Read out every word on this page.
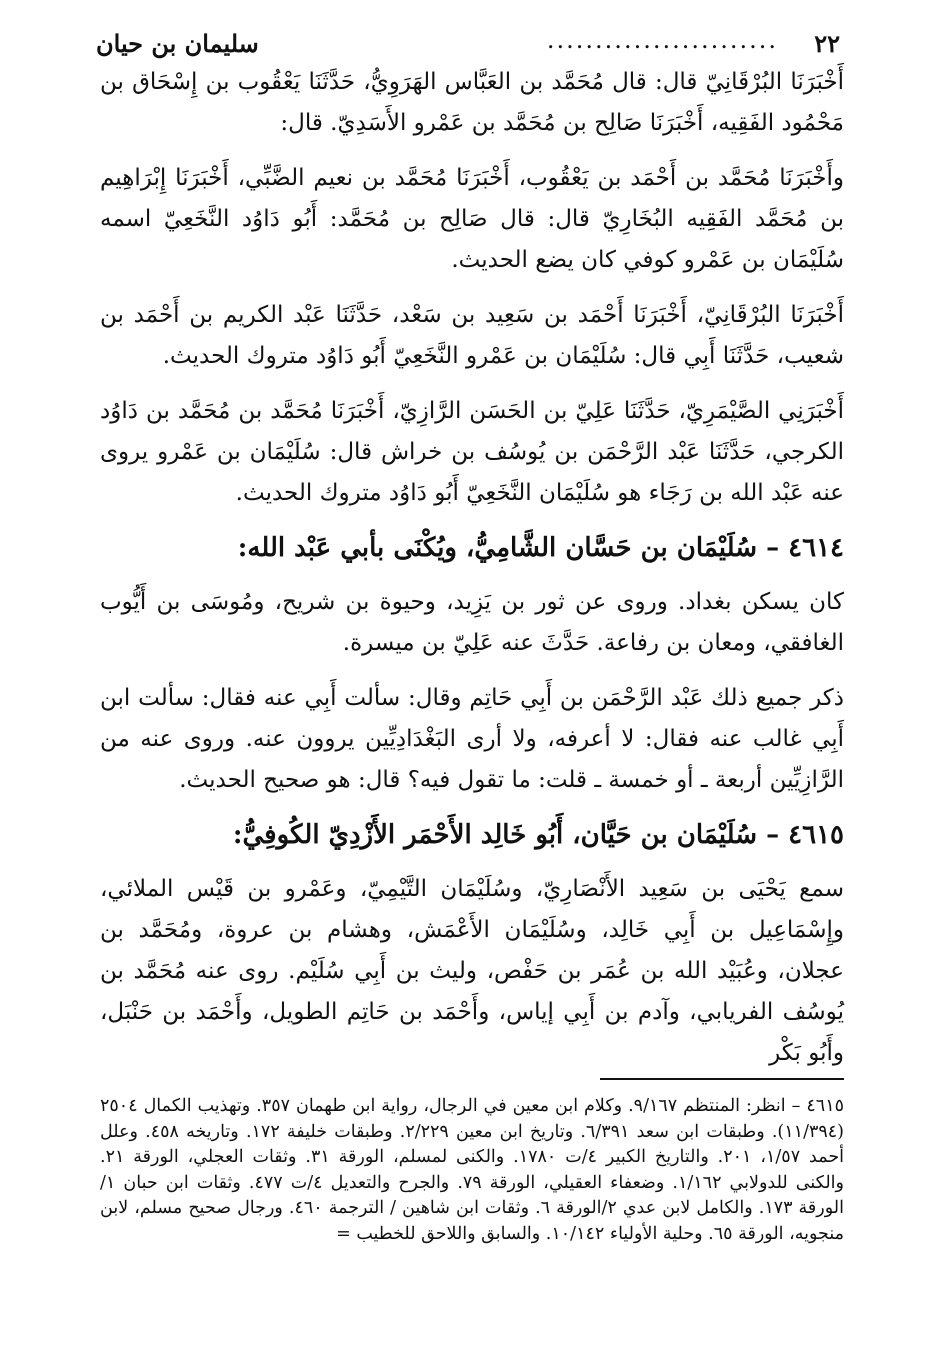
٢٢
........................
سليمان بن حيان

أَخْبَرَنَا البُرْقَانِيّ قال: قال مُحَمَّد بن العَبَّاس الهَرَوِيُّ، حَدَّثَنَا يَعْقُوب بن إِسْحَاق بن مَحْمُود الفَقِيه، أَخْبَرَنَا صَالِح بن مُحَمَّد بن عَمْرو الأَسَدِيّ. قال:

وأَخْبَرَنَا مُحَمَّد بن أَحْمَد بن يَعْقُوب، أَخْبَرَنَا مُحَمَّد بن نعيم الضَّبِّي، أَخْبَرَنَا إِبْرَاهِيم بن مُحَمَّد الفَقِيه البُخَارِيّ قال: قال صَالِح بن مُحَمَّد: أَبُو دَاوُد النَّخَعِيّ اسمه سُلَيْمَان بن عَمْرو كوفي كان يضع الحديث.

أَخْبَرَنَا البُرْقَانِيّ، أَخْبَرَنَا أَحْمَد بن سَعِيد بن سَعْد، حَدَّثَنَا عَبْد الكريم بن أَحْمَد بن شعيب، حَدَّثَنَا أَبِي قال: سُلَيْمَان بن عَمْرو النَّخَعِيّ أَبُو دَاوُد متروك الحديث.

أَخْبَرَنِي الصَّيْمَرِيّ، حَدَّثَنَا عَلِيّ بن الحَسَن الرَّازِيّ، أَخْبَرَنَا مُحَمَّد بن مُحَمَّد بن دَاوُد الكرجي، حَدَّثَنَا عَبْد الرَّحْمَن بن يُوسُف بن خراش قال: سُلَيْمَان بن عَمْرو يروى عنه عَبْد الله بن رَجَاء هو سُلَيْمَان النَّخَعِيّ أَبُو دَاوُد متروك الحديث.

٤٦١٤ – سُلَيْمَان بن حَسَّان الشَّامِيُّ، ويُكْنَى بأبي عَبْد الله:

كان يسكن بغداد. وروى عن ثور بن يَزِيد، وحيوة بن شريح، ومُوسَى بن أَيُّوب الغافقي، ومعان بن رفاعة. حَدَّثَ عنه عَلِيّ بن ميسرة.

ذكر جميع ذلك عَبْد الرَّحْمَن بن أَبِي حَاتِم وقال: سألت أَبِي عنه فقال: سألت ابن أَبِي غالب عنه فقال: لا أعرفه، ولا أرى البَغْدَادِيِّين يروون عنه. وروى عنه من الرَّازِيِّين أربعة ـ أو خمسة ـ قلت: ما تقول فيه؟ قال: هو صحيح الحديث.

٤٦١٥ – سُلَيْمَان بن حَيَّان، أَبُو خَالِد الأَحْمَر الأَزْدِيّ الكُوفِيُّ:

سمع يَحْيَى بن سَعِيد الأَنْصَارِيّ، وسُلَيْمَان التَّيْمِيّ، وعَمْرو بن قَيْس الملائي، وإِسْمَاعِيل بن أَبِي خَالِد، وسُلَيْمَان الأَعْمَش، وهشام بن عروة، ومُحَمَّد بن عجلان، وعُبَيْد الله بن عُمَر بن حَفْص، وليث بن أَبِي سُلَيْم. روى عنه مُحَمَّد بن يُوسُف الفريابي، وآدم بن أَبِي إياس، وأَحْمَد بن حَاتِم الطويل، وأَحْمَد بن حَنْبَل، وأَبُو بَكْر

٤٦١٥ – انظر: المنتظم ٩/١٦٧. وكلام ابن معين في الرجال، رواية ابن طهمان ٣٥٧. وتهذيب الكمال ٢٥٠٤ (١١/٣٩٤). وطبقات ابن سعد ٦/٣٩١. وتاريخ ابن معين ٢/٢٢٩. وطبقات خليفة ١٧٢. وتاريخه ٤٥٨. وعلل أحمد ١/٥٧، ٢٠١. والتاريخ الكبير ٤/ت ١٧٨٠. والكنى لمسلم، الورقة ٣١. وثقات العجلي، الورقة ٢١. والكنى للدولابي ١/١٦٢. وضعفاء العقيلي، الورقة ٧٩. والجرح والتعديل ٤/ت ٤٧٧. وثقات ابن حبان ١/الورقة ١٧٣. والكامل لابن عدي ٢/الورقة ٦. وثقات ابن شاهين / الترجمة ٤٦٠. ورجال صحيح مسلم، لابن منجويه، الورقة ٦٥. وحلية الأولياء ١٠/١٤٢. والسابق واللاحق للخطيب =
